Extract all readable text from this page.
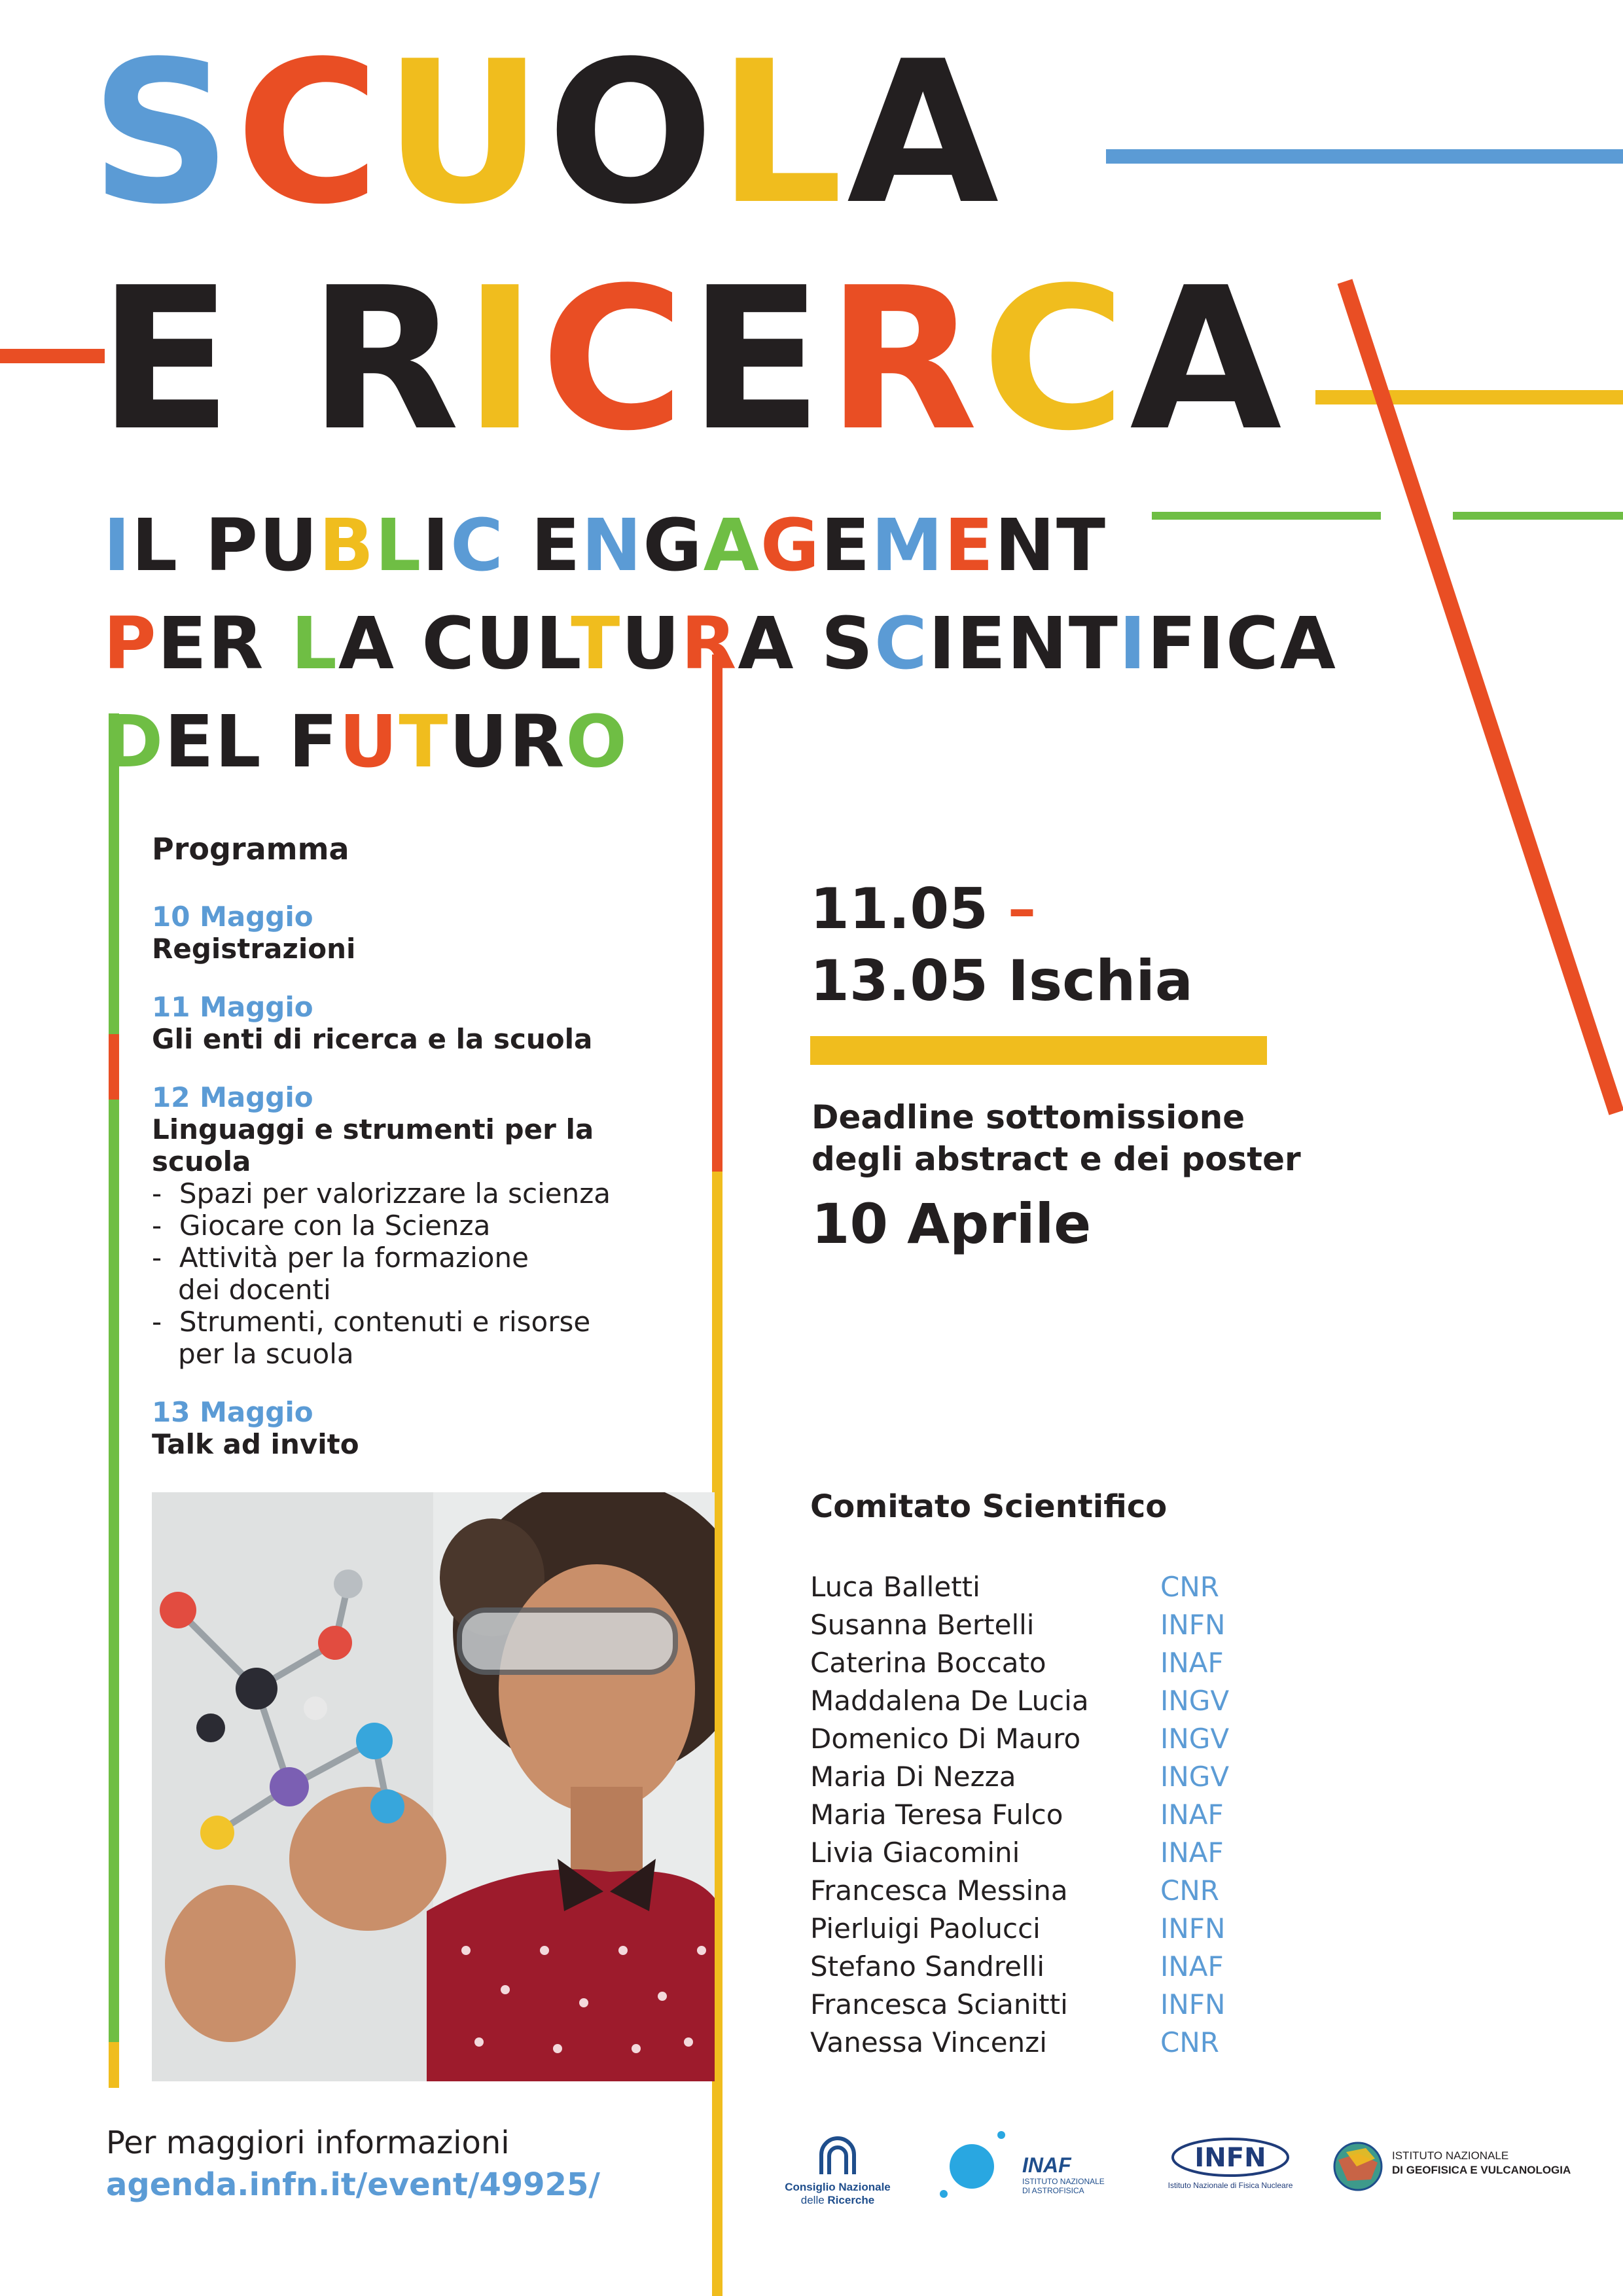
SCUOLA
E RICERCA
IL PUBLIC ENGAGEMENT
PER LA CULTURA SCIENTIFICA
DEL FUTURO
Programma
10 Maggio
Registrazioni
11 Maggio
Gli enti di ricerca e la scuola
12 Maggio
Linguaggi e strumenti per la scuola
-  Spazi per valorizzare la scienza
-  Giocare con la Scienza
-  Attività per la formazione
dei docenti
-  Strumenti, contenuti e risorse
per la scuola
13 Maggio
Talk ad invito
11.05 –
13.05 Ischia
Deadline sottomissione
degli abstract e dei poster
10 Aprile
Comitato Scientifico
Luca Balletti	CNR
Susanna Bertelli	INFN
Caterina Boccato	INAF
Maddalena De Lucia	INGV
Domenico Di Mauro	INGV
Maria Di Nezza	INGV
Maria Teresa Fulco	INAF
Livia Giacomini	INAF
Francesca Messina	CNR
Pierluigi Paolucci	INFN
Stefano Sandrelli	INAF
Francesca Scianitti	INFN
Vanessa Vincenzi	CNR
Per maggiori informazioni
agenda.infn.it/event/49925/	Consiglio Nazionale
delle Ricerche
INAF
ISTITUTO NAZIONALE
DI ASTROFISICA
INFN
Istituto Nazionale di Fisica Nucleare
ISTITUTO NAZIONALE
DI GEOFISICA E VULCANOLOGIA
